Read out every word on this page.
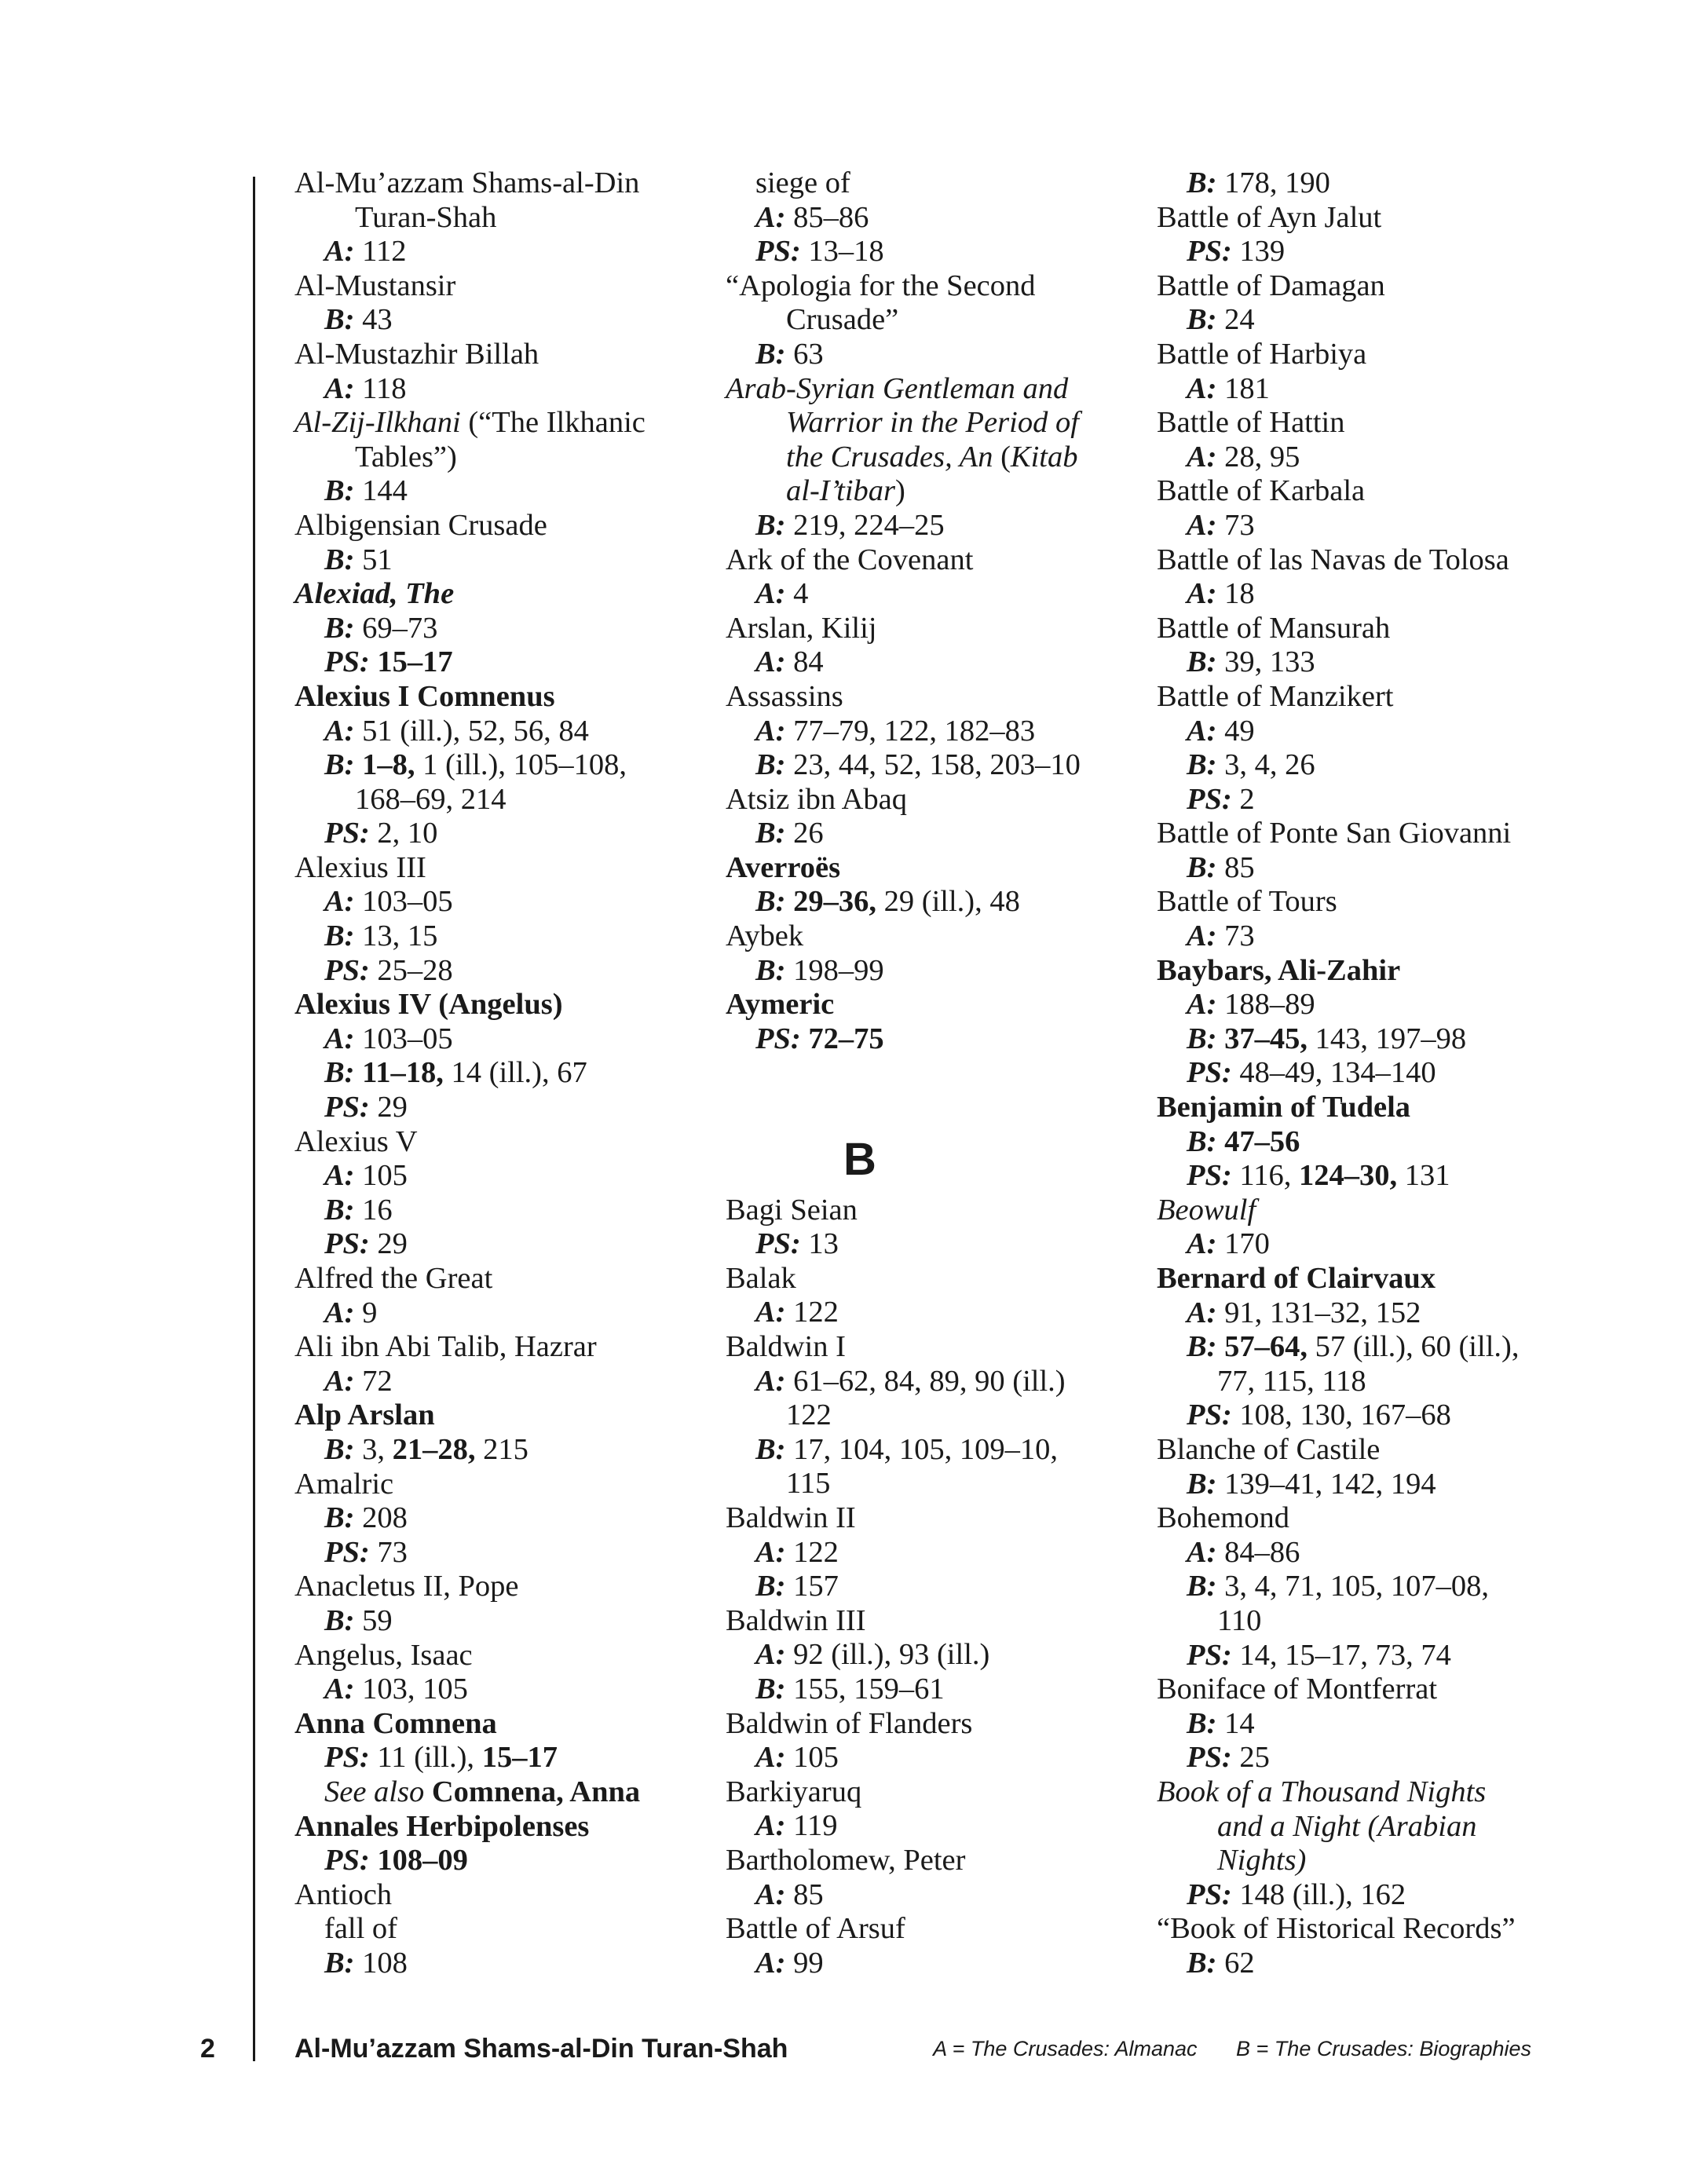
Al-Mu’azzam Shams-al-Din
Turan-Shah
A: 112
Al-Mustansir
B: 43
Al-Mustazhir Billah
A: 118
Al-Zij-Ilkhani (“The Ilkhanic
Tables”)
B: 144
Albigensian Crusade
B: 51
Alexiad, The
B: 69–73
PS: 15–17
Alexius I Comnenus
A: 51 (ill.), 52, 56, 84
B: 1–8, 1 (ill.), 105–108,
168–69, 214
PS: 2, 10
Alexius III
A: 103–05
B: 13, 15
PS: 25–28
Alexius IV (Angelus)
A: 103–05
B: 11–18, 14 (ill.), 67
PS: 29
Alexius V
A: 105
B: 16
PS: 29
Alfred the Great
A: 9
Ali ibn Abi Talib, Hazrar
A: 72
Alp Arslan
B: 3, 21–28, 215
Amalric
B: 208
PS: 73
Anacletus II, Pope
B: 59
Angelus, Isaac
A: 103, 105
Anna Comnena
PS: 11 (ill.), 15–17
See also Comnena, Anna
Annales Herbipolenses
PS: 108–09
Antioch
fall of
B: 108
siege of
A: 85–86
PS: 13–18
“Apologia for the Second
Crusade”
B: 63
Arab-Syrian Gentleman and
Warrior in the Period of
the Crusades, An (Kitab
al-I’tibar)
B: 219, 224–25
Ark of the Covenant
A: 4
Arslan, Kilij
A: 84
Assassins
A: 77–79, 122, 182–83
B: 23, 44, 52, 158, 203–10
Atsiz ibn Abaq
B: 26
Averroës
B: 29–36, 29 (ill.), 48
Aybek
B: 198–99
Aymeric
PS: 72–75
B
Bagi Seian
PS: 13
Balak
A: 122
Baldwin I
A: 61–62, 84, 89, 90 (ill.)
122
B: 17, 104, 105, 109–10,
115
Baldwin II
A: 122
B: 157
Baldwin III
A: 92 (ill.), 93 (ill.)
B: 155, 159–61
Baldwin of Flanders
A: 105
Barkiyaruq
A: 119
Bartholomew, Peter
A: 85
Battle of Arsuf
A: 99
B: 178, 190
Battle of Ayn Jalut
PS: 139
Battle of Damagan
B: 24
Battle of Harbiya
A: 181
Battle of Hattin
A: 28, 95
Battle of Karbala
A: 73
Battle of las Navas de Tolosa
A: 18
Battle of Mansurah
B: 39, 133
Battle of Manzikert
A: 49
B: 3, 4, 26
PS: 2
Battle of Ponte San Giovanni
B: 85
Battle of Tours
A: 73
Baybars, Ali-Zahir
A: 188–89
B: 37–45, 143, 197–98
PS: 48–49, 134–140
Benjamin of Tudela
B: 47–56
PS: 116, 124–30, 131
Beowulf
A: 170
Bernard of Clairvaux
A: 91, 131–32, 152
B: 57–64, 57 (ill.), 60 (ill.),
77, 115, 118
PS: 108, 130, 167–68
Blanche of Castile
B: 139–41, 142, 194
Bohemond
A: 84–86
B: 3, 4, 71, 105, 107–08,
110
PS: 14, 15–17, 73, 74
Boniface of Montferrat
B: 14
PS: 25
Book of a Thousand Nights
and a Night (Arabian
Nights)
PS: 148 (ill.), 162
“Book of Historical Records”
B: 62
2	Al-Mu’azzam Shams-al-Din Turan-Shah	A = The Crusades: Almanac B = The Crusades: Biographies
